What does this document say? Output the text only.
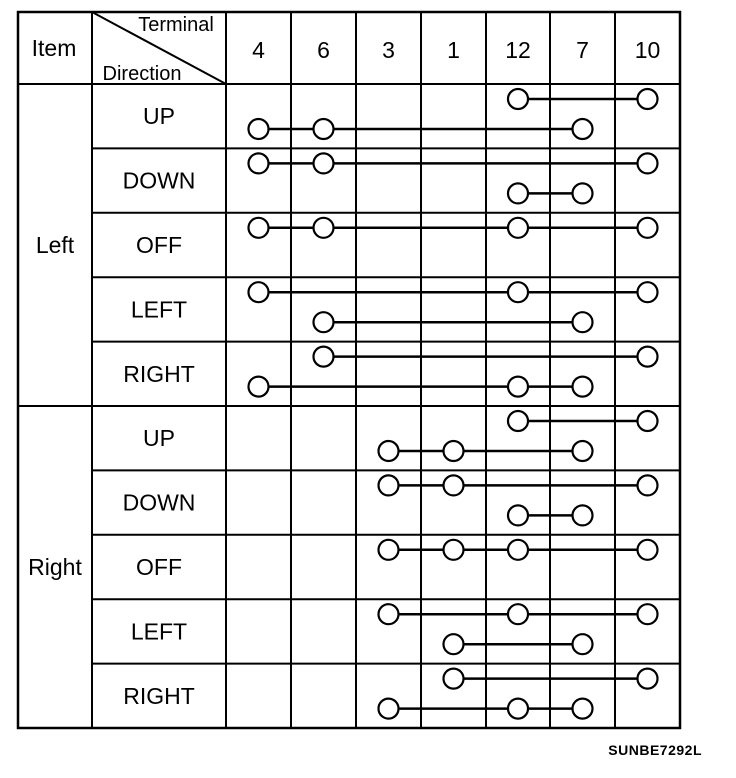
Item
Terminal
Direction
4 6 3 1 12 7 10
Left
Right
UP
DOWN
OFF
LEFT
RIGHT
UP
DOWN
OFF
LEFT
RIGHT
SUNBE7292L
